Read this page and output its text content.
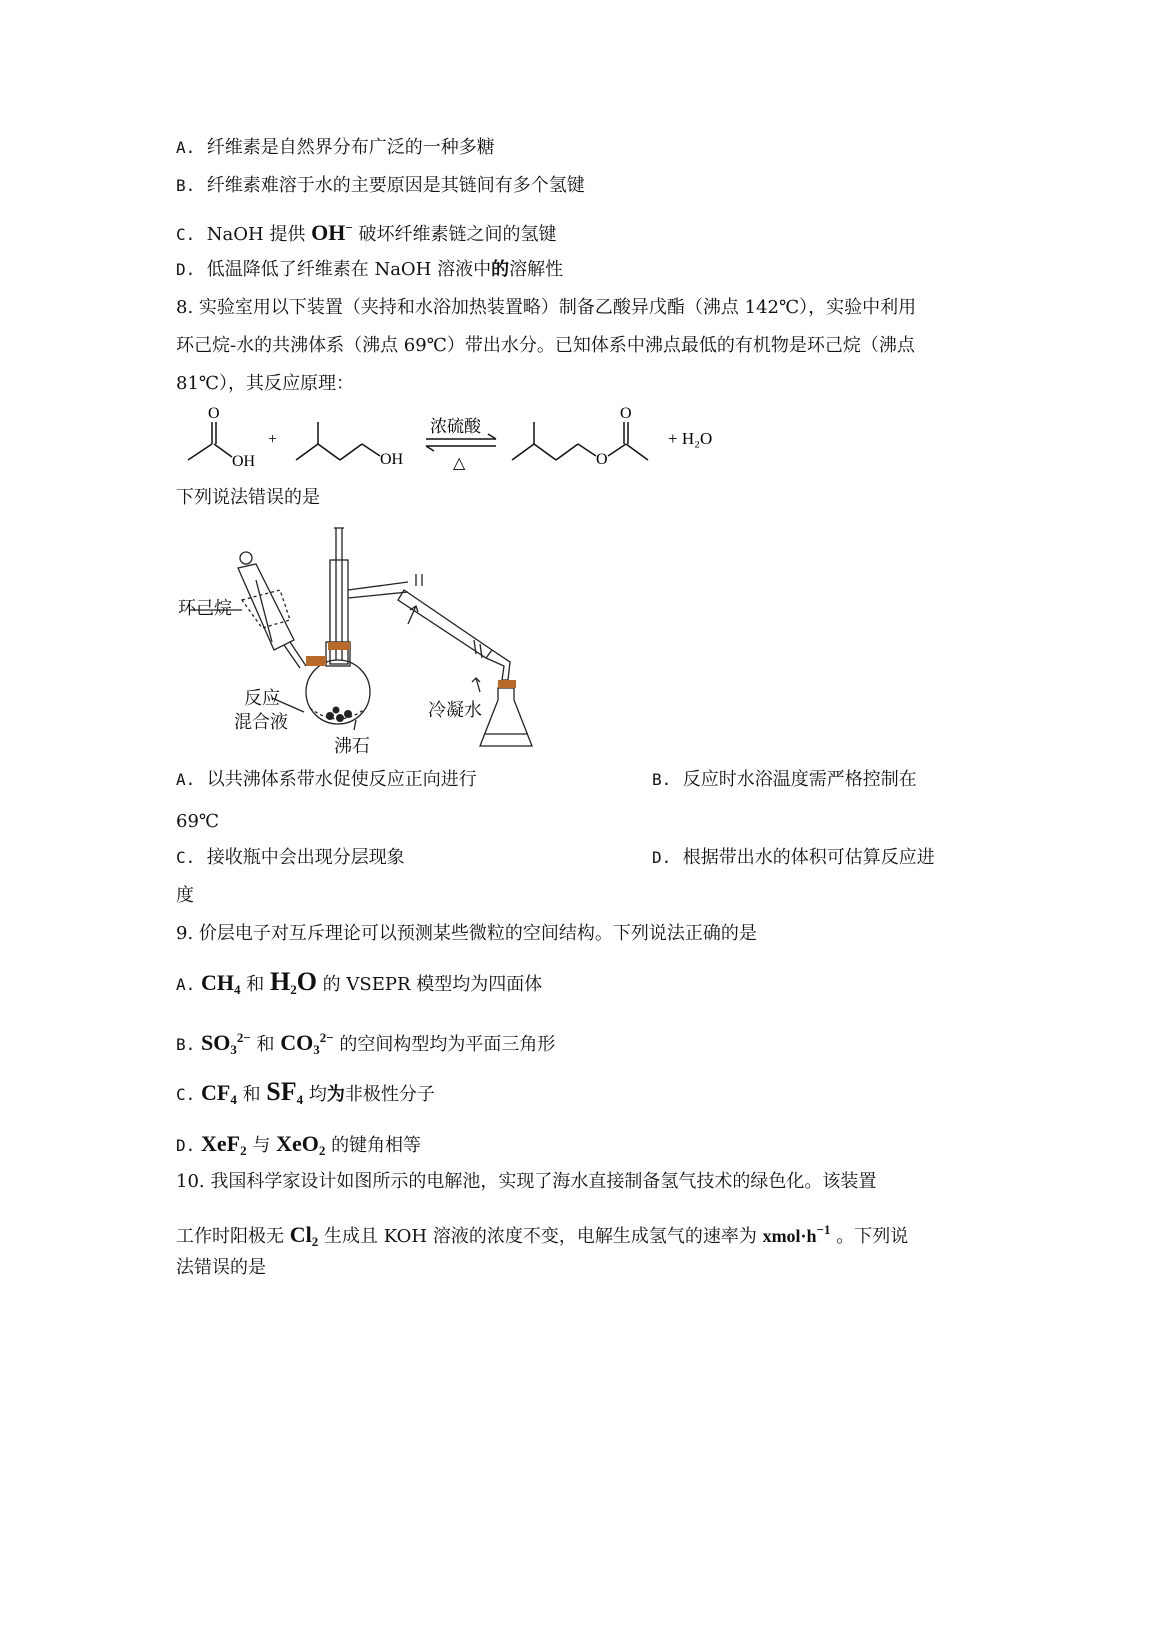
A. 纤维素是自然界分布广泛的一种多糖
B. 纤维素难溶于水的主要原因是其链间有多个氢键
C. NaOH 提供 OH− 破坏纤维素链之间的氢键
D. 低温降低了纤维素在 NaOH 溶液中的溶解性
8. 实验室用以下装置（夹持和水浴加热装置略）制备乙酸异戊酯（沸点 142℃），实验中利用
环己烷-水的共沸体系（沸点 69℃）带出水分。已知体系中沸点最低的有机物是环己烷（沸点
81℃），其反应原理：
O
OH
+
OH
浓硫酸
△	O
O
+ H₂O
下列说法错误的是
环己烷
反应
混合液
沸石
冷凝水
A. 以共沸体系带水促使反应正向进行	B. 反应时水浴温度需严格控制在
69℃
C. 接收瓶中会出现分层现象	D. 根据带出水的体积可估算反应进
度
9. 价层电子对互斥理论可以预测某些微粒的空间结构。下列说法正确的是
A. $CH_4$ 和 $H_2O$ 的 VSEPR 模型均为四面体
B. $SO_3^{2-}$ 和 $CO_3^{2-}$ 的空间构型均为平面三角形
C. $CF_4$ 和 $SF_4$ 均为非极性分子
D. XeF$_2$ 与 XeO$_2$ 的键角相等
10. 我国科学家设计如图所示的电解池，实现了海水直接制备氢气技术的绿色化。该装置
工作时阳极无 $Cl_2$ 生成且 KOH 溶液的浓度不变，电解生成氢气的速率为 $xmol\cdot h^{-1}$ 。下列说
法错误的是
